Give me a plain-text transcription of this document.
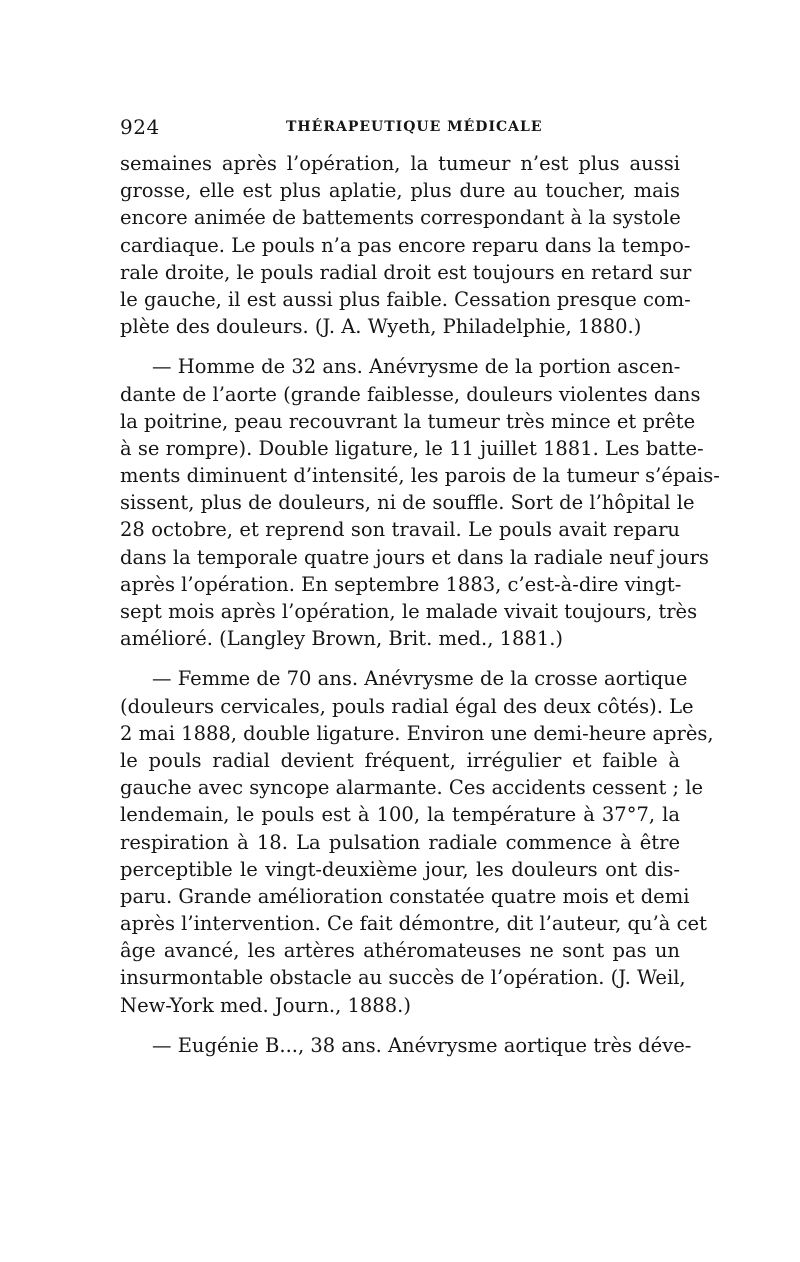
924	THÉRAPEUTIQUE MÉDICALE
semaines après l’opération, la tumeur n’est plus aussi
grosse, elle est plus aplatie, plus dure au toucher, mais
encore animée de battements correspondant à la systole
cardiaque. Le pouls n’a pas encore reparu dans la tempo-
rale droite, le pouls radial droit est toujours en retard sur
le gauche, il est aussi plus faible. Cessation presque com-
plète des douleurs. (J. A. Wyeth, Philadelphie, 1880.)
— Homme de 32 ans. Anévrysme de la portion ascen-
dante de l’aorte (grande faiblesse, douleurs violentes dans
la poitrine, peau recouvrant la tumeur très mince et prête
à se rompre). Double ligature, le 11 juillet 1881. Les batte-
ments diminuent d’intensité, les parois de la tumeur s’épais-
sissent, plus de douleurs, ni de souffle. Sort de l’hôpital le
28 octobre, et reprend son travail. Le pouls avait reparu
dans la temporale quatre jours et dans la radiale neuf jours
après l’opération. En septembre 1883, c’est-à-dire vingt-
sept mois après l’opération, le malade vivait toujours, très
amélioré. (Langley Brown, Brit. med., 1881.)
— Femme de 70 ans. Anévrysme de la crosse aortique
(douleurs cervicales, pouls radial égal des deux côtés). Le
2 mai 1888, double ligature. Environ une demi-heure après,
le pouls radial devient fréquent, irrégulier et faible à
gauche avec syncope alarmante. Ces accidents cessent ; le
lendemain, le pouls est à 100, la température à 37°7, la
respiration à 18. La pulsation radiale commence à être
perceptible le vingt-deuxième jour, les douleurs ont dis-
paru. Grande amélioration constatée quatre mois et demi
après l’intervention. Ce fait démontre, dit l’auteur, qu’à cet
âge avancé, les artères athéromateuses ne sont pas un
insurmontable obstacle au succès de l’opération. (J. Weil,
New-York med. Journ., 1888.)
— Eugénie B..., 38 ans. Anévrysme aortique très déve-
